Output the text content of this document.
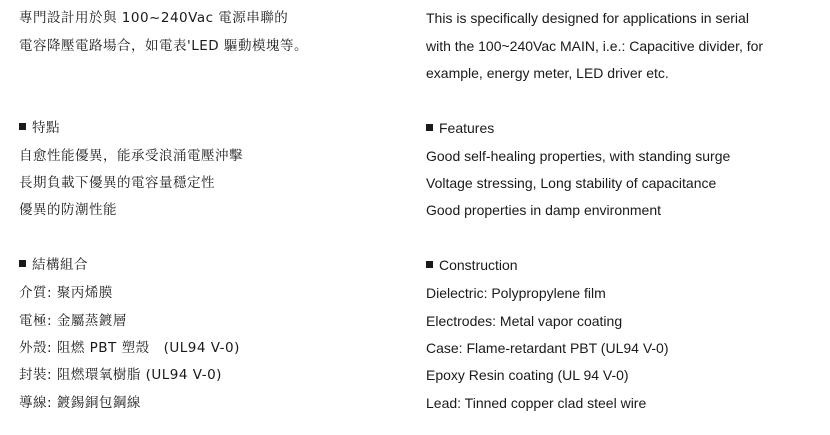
專門設計用於與 100~240Vac 電源串聯的
電容降壓電路場合，如電表'LED 驅動模塊等。
特點
自愈性能優異，能承受浪涌電壓沖擊
長期負載下優異的電容量穩定性
優異的防潮性能
結構組合
介質: 聚丙烯膜
電極: 金屬蒸鍍層
外殼: 阻燃 PBT 塑殼　(UL94 V-0)
封裝: 阻燃環氧樹脂 (UL94 V-0)
導線: 鍍錫銅包鋼線
This is specifically designed for applications in serial
with the 100~240Vac MAIN, i.e.: Capacitive divider, for
example, energy meter, LED driver etc.
Features
Good self-healing properties, with standing surge
Voltage stressing, Long stability of capacitance
Good properties in damp environment
Construction
Dielectric: Polypropylene film
Electrodes: Metal vapor coating
Case: Flame-retardant PBT (UL94 V-0)
Epoxy Resin coating (UL 94 V-0)
Lead: Tinned copper clad steel wire
